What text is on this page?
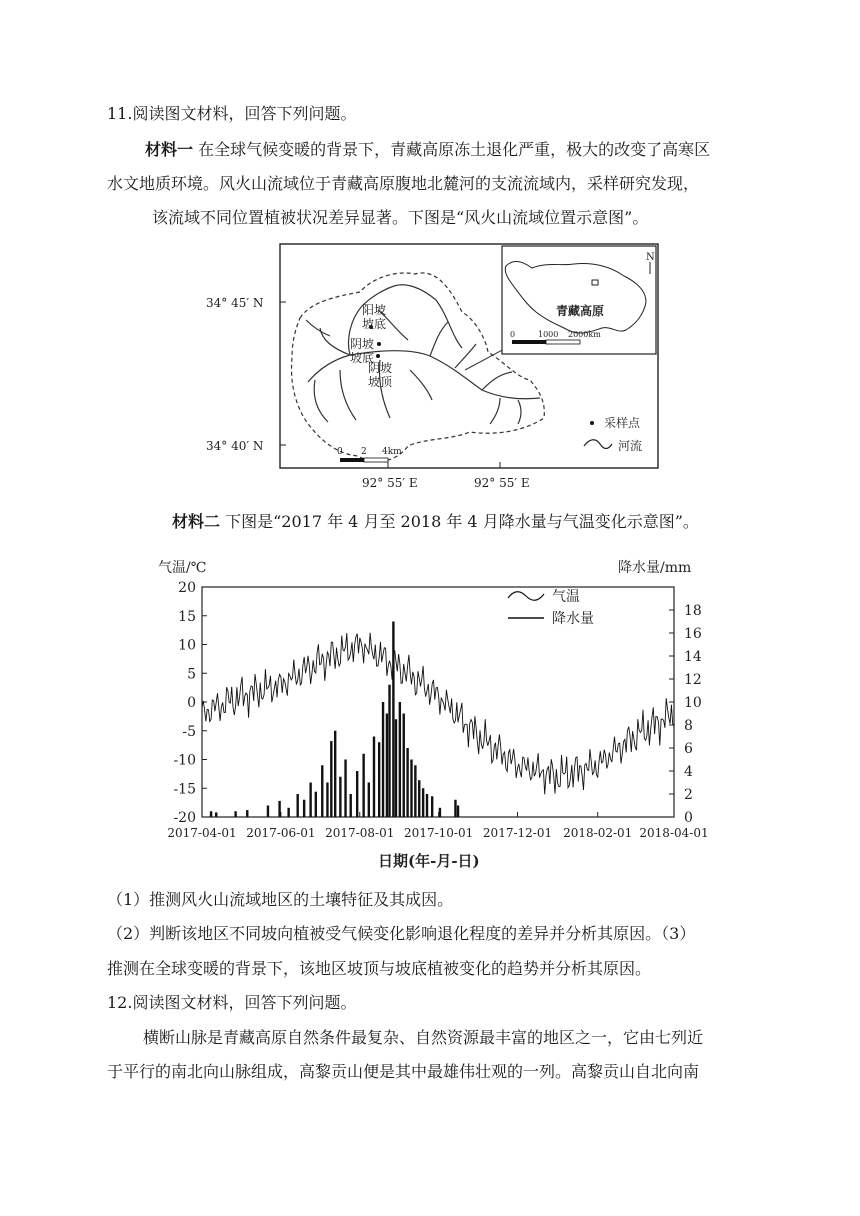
11.阅读图文材料，回答下列问题。
材料一 在全球气候变暖的背景下，青藏高原冻土退化严重，极大的改变了高寒区
水文地质环境。风火山流域位于青藏高原腹地北麓河的支流流域内，采样研究发现，
该流域不同位置植被状况差异显著。下图是“风火山流域位置示意图”。
34° 45′ N
34° 40′ N
92° 55′ E	92° 55′ E
阳坡
坡底
阴坡
坡底
阴坡
坡顶
0 2 4km
采样点
河流
青藏高原
N
0	1000 2000km
材料二 下图是“2017 年 4 月至 2018 年 4 月降水量与气温变化示意图”。
气温/℃	降水量/mm
日期(年-月-日)
20
15
10
5
0
-5
-10
-15
-20
18
16
14
12
10
8
6
4
2
0
2017-04-01 2017-06-01 2017-08-01 2017-10-01 2017-12-01 2018-02-01 2018-04-01
气温
降水量
（1）推测风火山流域地区的土壤特征及其成因。
（2）判断该地区不同坡向植被受气候变化影响退化程度的差异并分析其原因。（3）
推测在全球变暖的背景下，该地区坡顶与坡底植被变化的趋势并分析其原因。
12.阅读图文材料，回答下列问题。
横断山脉是青藏高原自然条件最复杂、自然资源最丰富的地区之一，它由七列近
于平行的南北向山脉组成，高黎贡山便是其中最雄伟壮观的一列。高黎贡山自北向南
